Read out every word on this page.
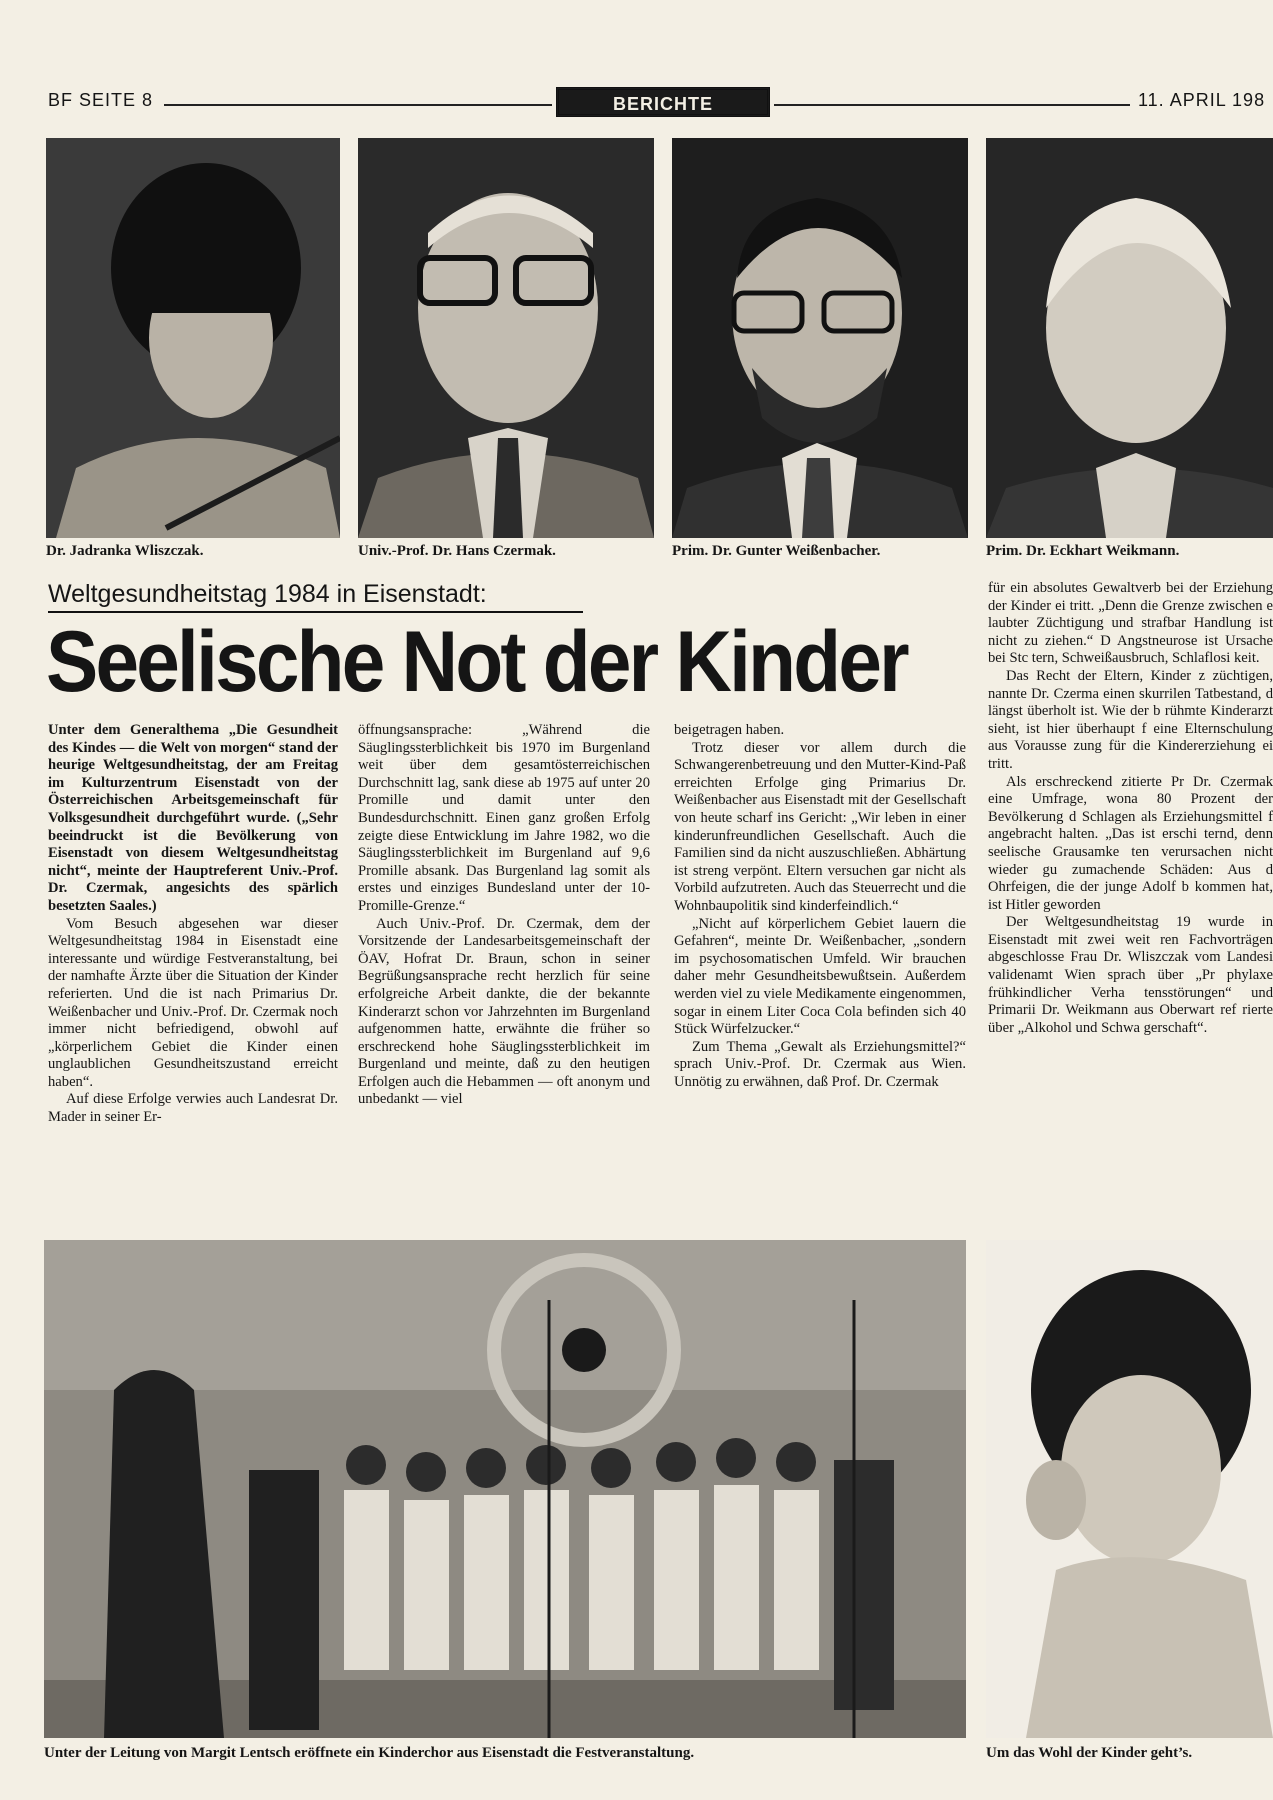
BF SEITE 8	BERICHTE	11. APRIL 198
Dr. Jadranka Wliszczak.	Univ.-Prof. Dr. Hans Czermak.	Prim. Dr. Gunter Weißenbacher.	Prim. Dr. Eckhart Weikmann.
Weltgesundheitstag 1984 in Eisenstadt:
Seelische Not der Kinder

Unter dem Generalthema „Die Gesundheit des Kindes — die Welt von morgen“ stand der heurige Weltgesundheitstag, der am Freitag im Kulturzentrum Eisenstadt von der Österreichischen Arbeitsgemeinschaft für Volksgesundheit durchgeführt wurde. („Sehr beeindruckt ist die Bevölkerung von Eisenstadt von diesem Weltgesundheitstag nicht“, meinte der Hauptreferent Univ.-Prof. Dr. Czermak, angesichts des spärlich besetzten Saales.)

Vom Besuch abgesehen war dieser Weltgesundheitstag 1984 in Eisenstadt eine interessante und würdige Festveranstaltung, bei der namhafte Ärzte über die Situation der Kinder referierten. Und die ist nach Primarius Dr. Weißenbacher und Univ.-Prof. Dr. Czermak noch immer nicht befriedigend, obwohl auf „körperlichem Gebiet die Kinder einen unglaublichen Gesundheitszustand erreicht haben“.

Auf diese Erfolge verwies auch Landesrat Dr. Mader in seiner Er-

öffnungsansprache: „Während die Säuglingssterblichkeit bis 1970 im Burgenland weit über dem gesamtösterreichischen Durchschnitt lag, sank diese ab 1975 auf unter 20 Promille und damit unter den Bundesdurchschnitt. Einen ganz großen Erfolg zeigte diese Entwicklung im Jahre 1982, wo die Säuglingssterblichkeit im Burgenland auf 9,6 Promille absank. Das Burgenland lag somit als erstes und einziges Bundesland unter der 10-Promille-Grenze.“

Auch Univ.-Prof. Dr. Czermak, dem der Vorsitzende der Landesarbeitsgemeinschaft der ÖAV, Hofrat Dr. Braun, schon in seiner Begrüßungsansprache recht herzlich für seine erfolgreiche Arbeit dankte, die der bekannte Kinderarzt schon vor Jahrzehnten im Burgenland aufgenommen hatte, erwähnte die früher so erschreckend hohe Säuglingssterblichkeit im Burgenland und meinte, daß zu den heutigen Erfolgen auch die Hebammen — oft anonym und unbedankt — viel

beigetragen haben.

Trotz dieser vor allem durch die Schwangerenbetreuung und den Mutter-Kind-Paß erreichten Erfolge ging Primarius Dr. Weißenbacher aus Eisenstadt mit der Gesellschaft von heute scharf ins Gericht: „Wir leben in einer kinderunfreundlichen Gesellschaft. Auch die Familien sind da nicht auszuschließen. Abhärtung ist streng verpönt. Eltern versuchen gar nicht als Vorbild aufzutreten. Auch das Steuerrecht und die Wohnbaupolitik sind kinderfeindlich.“

„Nicht auf körperlichem Gebiet lauern die Gefahren“, meinte Dr. Weißenbacher, „sondern im psychosomatischen Umfeld. Wir brauchen daher mehr Gesundheitsbewußtsein. Außerdem werden viel zu viele Medikamente eingenommen, sogar in einem Liter Coca Cola befinden sich 40 Stück Würfelzucker.“

Zum Thema „Gewalt als Erziehungsmittel?“ sprach Univ.-Prof. Dr. Czermak aus Wien. Unnötig zu erwähnen, daß Prof. Dr. Czermak

für ein absolutes Gewaltverb bei der Erziehung der Kinder ei tritt. „Denn die Grenze zwischen e laubter Züchtigung und strafbar Handlung ist nicht zu ziehen.“ D Angstneurose ist Ursache bei Stc tern, Schweißausbruch, Schlaflosi keit.

Das Recht der Eltern, Kinder z züchtigen, nannte Dr. Czerma einen skurrilen Tatbestand, d längst überholt ist. Wie der b rühmte Kinderarzt sieht, ist hier überhaupt f eine Elternschulung aus Vorausse zung für die Kindererziehung ei tritt.

Als erschreckend zitierte Pr Dr. Czermak eine Umfrage, wona 80 Prozent der Bevölkerung d Schlagen als Erziehungsmittel f angebracht halten. „Das ist erschi ternd, denn seelische Grausamke ten verursachen nicht wieder gu zumachende Schäden: Aus d Ohrfeigen, die der junge Adolf b kommen hat, ist Hitler geworden

Der Weltgesundheitstag 19 wurde in Eisenstadt mit zwei weit ren Fachvorträgen abgeschlosse Frau Dr. Wliszczak vom Landesi validenamt Wien sprach über „Pr phylaxe frühkindlicher Verha tensstörungen“ und Primarii Dr. Weikmann aus Oberwart ref rierte über „Alkohol und Schwa gerschaft“.

Unter der Leitung von Margit Lentsch eröffnete ein Kinderchor aus Eisenstadt die Festveranstaltung.	Um das Wohl der Kinder geht’s.
